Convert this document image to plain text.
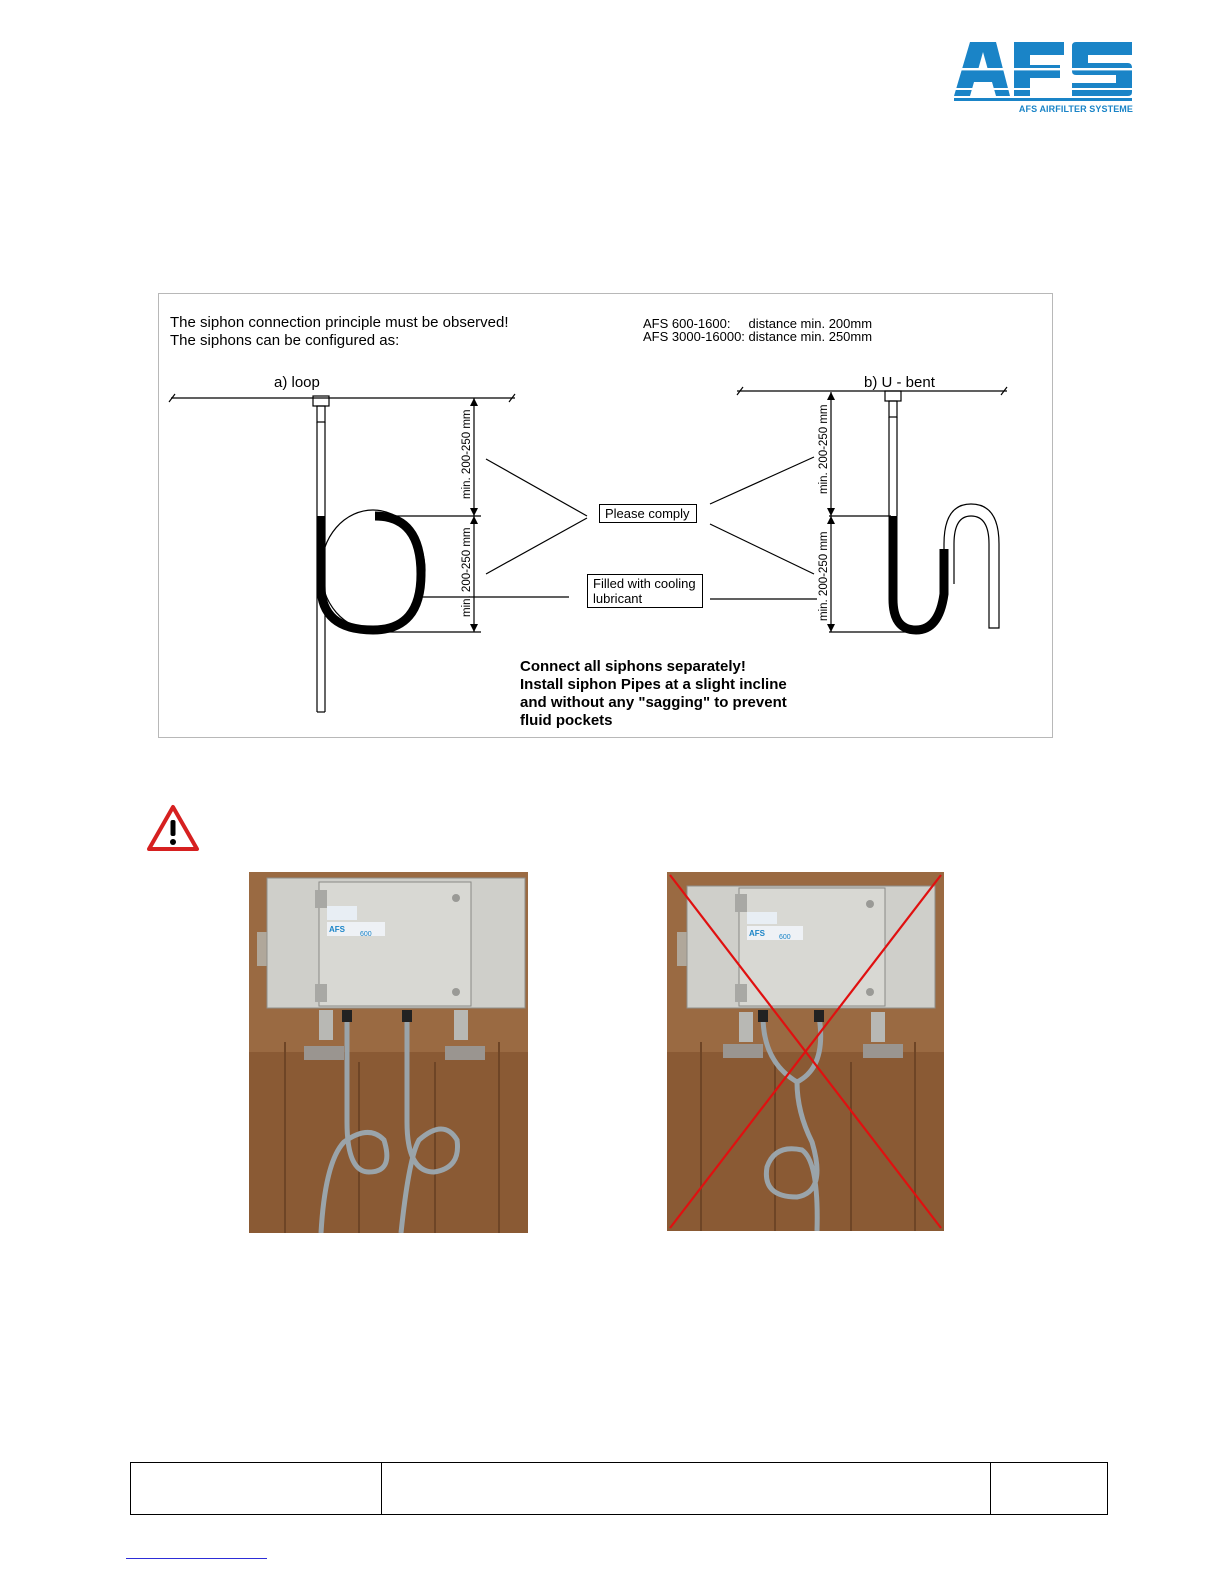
AFS AIRFILTER SYSTEME
The siphon connection principle must be observed!
The siphons can be configured as:
AFS 600-1600:     distance min. 200mm
AFS 3000-16000: distance min. 250mm
a) loop	b) U - bent
min. 200-250 mm
min. 200-250 mm
min. 200-250 mm
min. 200-250 mm
Please comply
Filled with cooling
lubricant
Connect all siphons separately!
Install siphon Pipes at a slight incline
and without any "sagging" to prevent
fluid pockets
AFS
600	AFS 600
